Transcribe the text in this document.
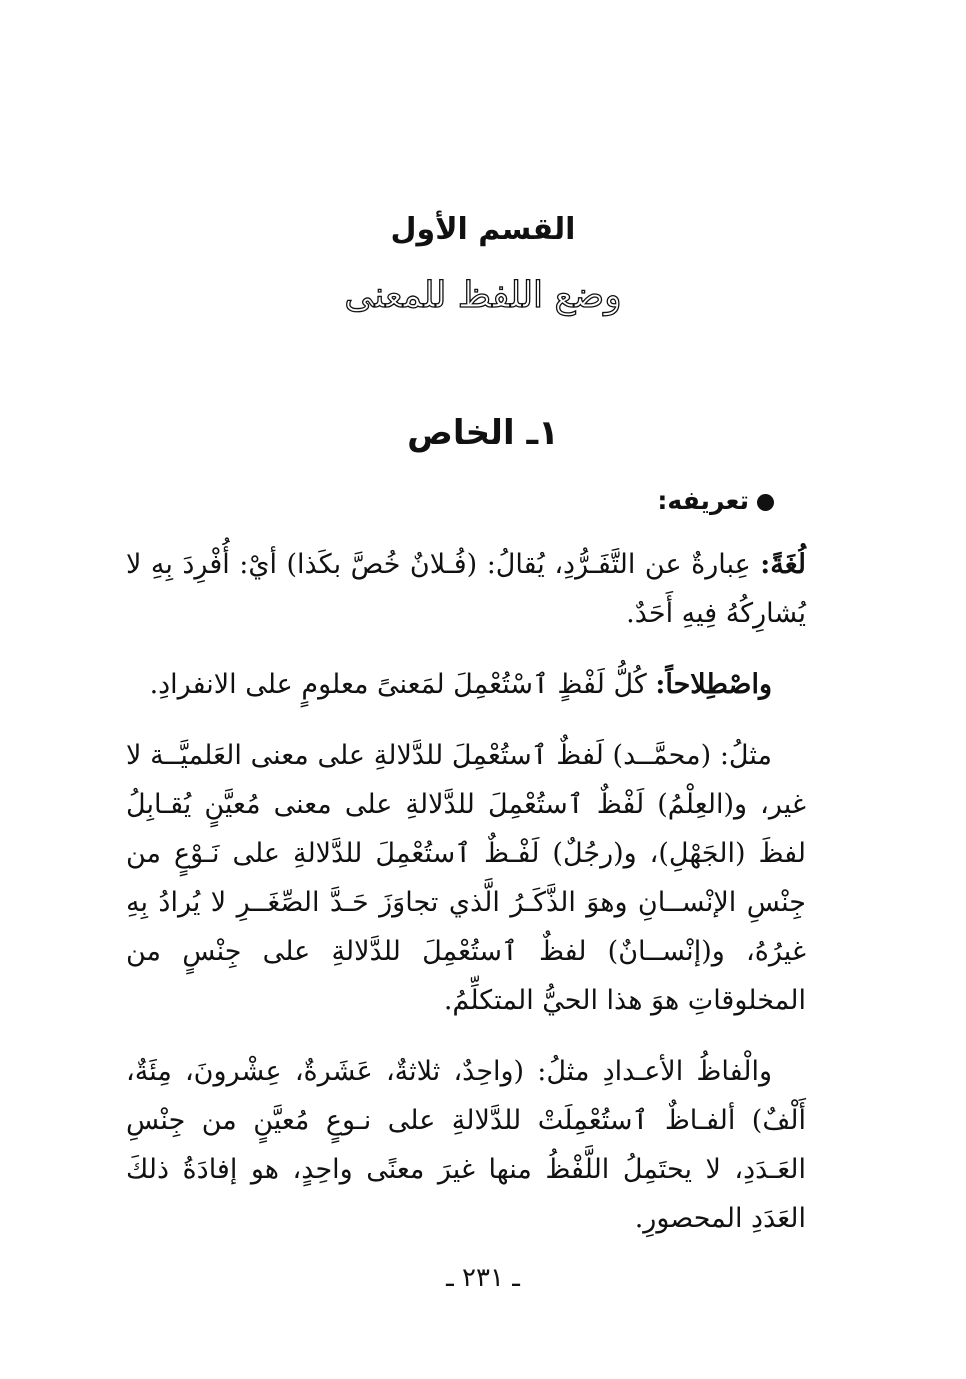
القسم الأول
وضع اللفظ للمعنى
١ـ الخاص
تعريفه:

لُغَةً: عِبارةٌ عن التَّفَـرُّدِ، يُقالُ: (فُـلانٌ خُصَّ بكَذا) أيْ: أُفْرِدَ بِهِ لا يُشارِكُهُ فِيهِ أَحَدٌ.

واصْطِلاحاً: كُلُّ لَفْظٍ ٱسْتُعْمِلَ لمَعنىً معلومٍ على الانفرادِ.

مثلُ: (محمَّــد) لَفظٌ ٱستُعْمِلَ للدَّلالةِ على معنى العَلميَّــة لا غير، و(العِلْمُ) لَفْظٌ ٱستُعْمِلَ للدَّلالةِ على معنى مُعيَّنٍ يُقـابِلُ لفظَ (الجَهْلِ)، و(رجُلٌ) لَفْـظٌ ٱستُعْمِلَ للدَّلالةِ على نَـوْعٍ من جِنْسِ الإنْســانِ وهوَ الذَّكَـرُ الَّذي تجاوَزَ حَـدَّ الصِّغَــرِ لا يُرادُ بِهِ غيرُهُ، و(إنْســانٌ) لفظٌ ٱستُعْمِلَ للدَّلالةِ على جِنْسٍ من المخلوقاتِ هوَ هذا الحيُّ المتكلِّمُ.

والْفاظُ الأعـدادِ مثلُ: (واحِدٌ، ثلاثةٌ، عَشَرةٌ، عِشْرونَ، مِئَةٌ، أَلْفٌ) ألفـاظٌ ٱستُعْمِلَتْ للدَّلالةِ على نـوعٍ مُعيَّنٍ من جِنْسِ العَـدَدِ، لا يحتَمِلُ اللَّفْظُ منها غيرَ معنًى واحِدٍ، هو إفادَةُ ذلكَ العَدَدِ المحصورِ.

ـ ٢٣١ ـ
